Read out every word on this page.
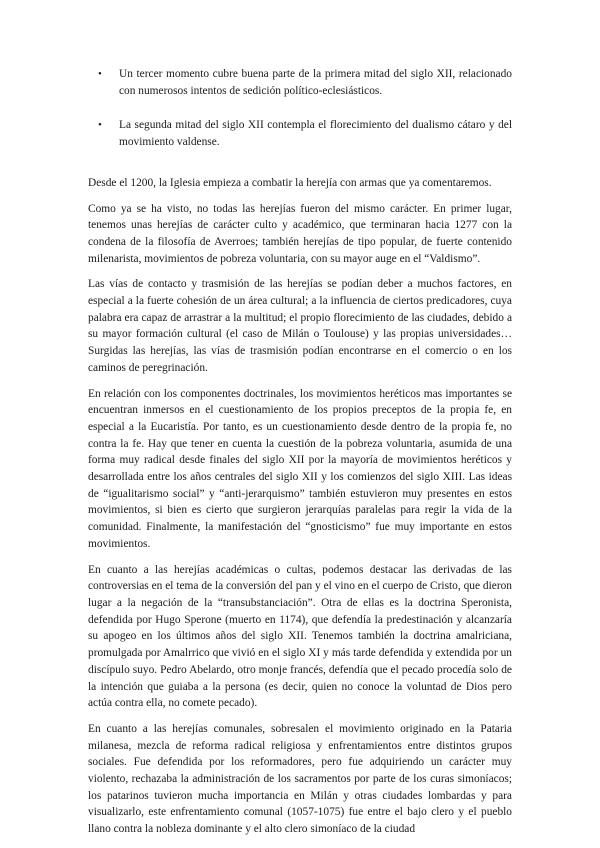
• Un tercer momento cubre buena parte de la primera mitad del siglo XII, relacionado con numerosos intentos de sedición político-eclesiásticos.
• La segunda mitad del siglo XII contempla el florecimiento del dualismo cátaro y del movimiento valdense.

Desde el 1200, la Iglesia empieza a combatir la herejía con armas que ya comentaremos.

Como ya se ha visto, no todas las herejías fueron del mismo carácter. En primer lugar, tenemos unas herejías de carácter culto y académico, que terminaran hacia 1277 con la condena de la filosofía de Averroes; también herejías de tipo popular, de fuerte contenido milenarista, movimientos de pobreza voluntaria, con su mayor auge en el “Valdismo”.

Las vías de contacto y trasmisión de las herejías se podían deber a muchos factores, en especial a la fuerte cohesión de un área cultural; a la influencia de ciertos predicadores, cuya palabra era capaz de arrastrar a la multitud; el propio florecimiento de las ciudades, debido a su mayor formación cultural (el caso de Milán o Toulouse) y las propias universidades… Surgidas las herejías, las vías de trasmisión podían encontrarse en el comercio o en los caminos de peregrinación.

En relación con los componentes doctrinales, los movimientos heréticos mas importantes se encuentran inmersos en el cuestionamiento de los propios preceptos de la propia fe, en especial a la Eucaristía. Por tanto, es un cuestionamiento desde dentro de la propia fe, no contra la fe. Hay que tener en cuenta la cuestión de la pobreza voluntaria, asumida de una forma muy radical desde finales del siglo XII por la mayoría de movimientos heréticos y desarrollada entre los años centrales del siglo XII y los comienzos del siglo XIII. Las ideas de “igualitarismo social” y “anti-jerarquismo” también estuvieron muy presentes en estos movimientos, si bien es cierto que surgieron jerarquías paralelas para regir la vida de la comunidad. Finalmente, la manifestación del “gnosticismo” fue muy importante en estos movimientos.

En cuanto a las herejías académicas o cultas, podemos destacar las derivadas de las controversias en el tema de la conversión del pan y el vino en el cuerpo de Cristo, que dieron lugar a la negación de la “transubstanciación”. Otra de ellas es la doctrina Speronista, defendida por Hugo Sperone (muerto en 1174), que defendía la predestinación y alcanzaría su apogeo en los últimos años del siglo XII. Tenemos también la doctrina amalriciana, promulgada por Amalrrico que vivió en el siglo XI y más tarde defendida y extendida por un discípulo suyo. Pedro Abelardo, otro monje francés, defendía que el pecado procedía solo de la intención que guiaba a la persona (es decir, quien no conoce la voluntad de Dios pero actúa contra ella, no comete pecado).

En cuanto a las herejías comunales, sobresalen el movimiento originado en la Pataria milanesa, mezcla de reforma radical religiosa y enfrentamientos entre distintos grupos sociales. Fue defendida por los reformadores, pero fue adquiriendo un carácter muy violento, rechazaba la administración de los sacramentos por parte de los curas simoníacos; los patarinos tuvieron mucha importancia en Milán y otras ciudades lombardas y para visualizarlo, este enfrentamiento comunal (1057-1075) fue entre el bajo clero y el pueblo llano contra la nobleza dominante y el alto clero simoníaco de la ciudad
